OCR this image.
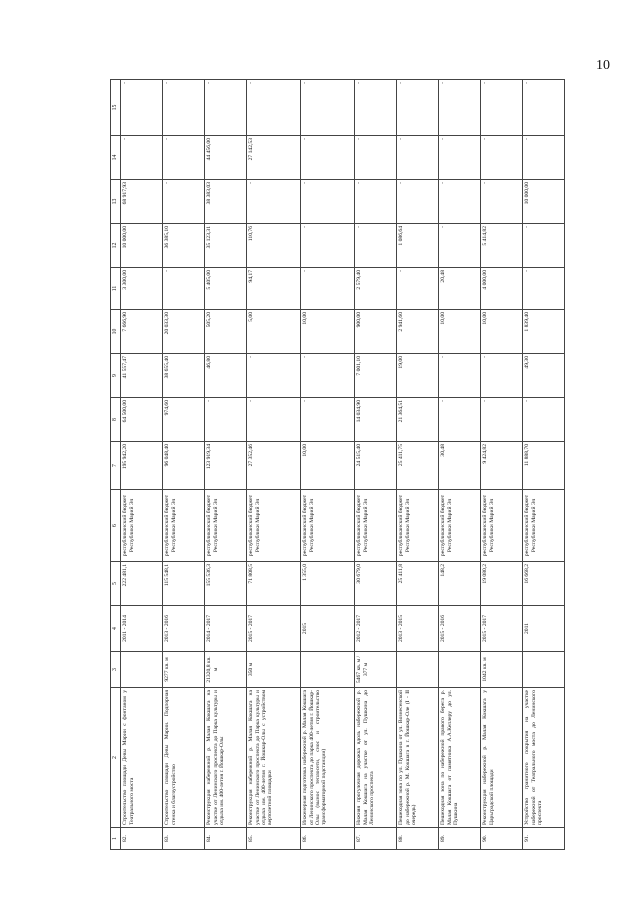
10
1	2	3	4	5	6	7	8	9	10	11	12	13	14	15
82.	Строительство площади Девы Марии с фонтаном у Театрального моста		2011 - 2014	222 481,1	республиканский бюджет Республики Марий Эл	195 942,20	64 500,00	41 557,47	7 666,90	3 300,00	10 000,00	68 917,93	-	-
83.	Строительство площади Девы Марии. Подпорная стенка и благоустройство	9277 кв. м	2013 - 2016	115 548,1	республиканский бюджет Республики Марий Эл	96 048,40	974,60	38 655,40	20 033,30	-	36 385,10	-	-	-
84.	Реконструкция набережной р. Малая Кокшага на участке от Ленинского проспекта до Парка культуры и отдыха им. 400-летия г. Йошкар-Олы	21320,8 кв. м	2014 - 2017	155 536,3	республиканский бюджет Республики Марий Эл	123 919,34	-	46,80	505,20	5 405,00	35 123,31	38 383,03	44 456,00	-
85.	Реконструкция набережной р. Малая Кокшага на участке от Ленинского проспекта до Парка культуры и отдыха им. 400-летия г. Йошкар-Олы с устройством вертолетной площадки	350 м	2015 - 2017	71 808,5	республиканский бюджет Республики Марий Эл	27 352,46	-	-	5,00	94,17	110,76	-	27 142,53	-
86.	Инженерная подготовка набережной р. Малая Кокшага от Ленинского проспекта до парка 400-летия г. Йошкар-Олы (вынос теплосети, снос и строительство трансформаторной подстанции)		2015	1 355,0	республиканский бюджет Республики Марий Эл	10,00	-	-	10,00	-	-	-	-	-
87.	Нижняя прогулочная дорожка вдоль набережной р. Малая Кокшага на участке от ул. Пушкина до Ленинского проспекта	5467 кв. м / 377 м	2012 - 2017	30 679,0	республиканский бюджет Республики Марий Эл	24 515,40	14 034,90	7 001,10	900,00	2 579,40	-	-	-	-
88.	Пешеходная зона по ул. Пушкина от ул. Вознесенской до набережной р. М. Кокшага в г. Йошкар-Оле (I - II очередь)		2013 - 2015	25 411,8	республиканский бюджет Республики Марий Эл	25 411,75	21 364,51	19,00	2 941,60	-	1 086,64	-	-	-
89.	Пешеходная зона по набережной правого берега р. Малая Кокшага от памятника А.А.Кеплеру до ул. Пушкина		2015 - 2016	148,2	республиканский бюджет Республики Марий Эл	30,48	-	-	10,00	20,48	-	-	-	-
90.	Реконструкция набережной р. Малая Кокшага у Царьградской площади	1042 кв. м	2015 - 2017	19 080,2	республиканский бюджет Республики Марий Эл	9 424,82	-	-	10,00	4 000,00	5 414,82	-	-	-
91.	Устройство гранитного покрытия на участке набережной от Театрального моста до Ленинского проспекта		2011	16 668,2	республиканский бюджет Республики Марий Эл	11 888,70	-	49,30	1 839,40	-	-	10 000,00	-	-
